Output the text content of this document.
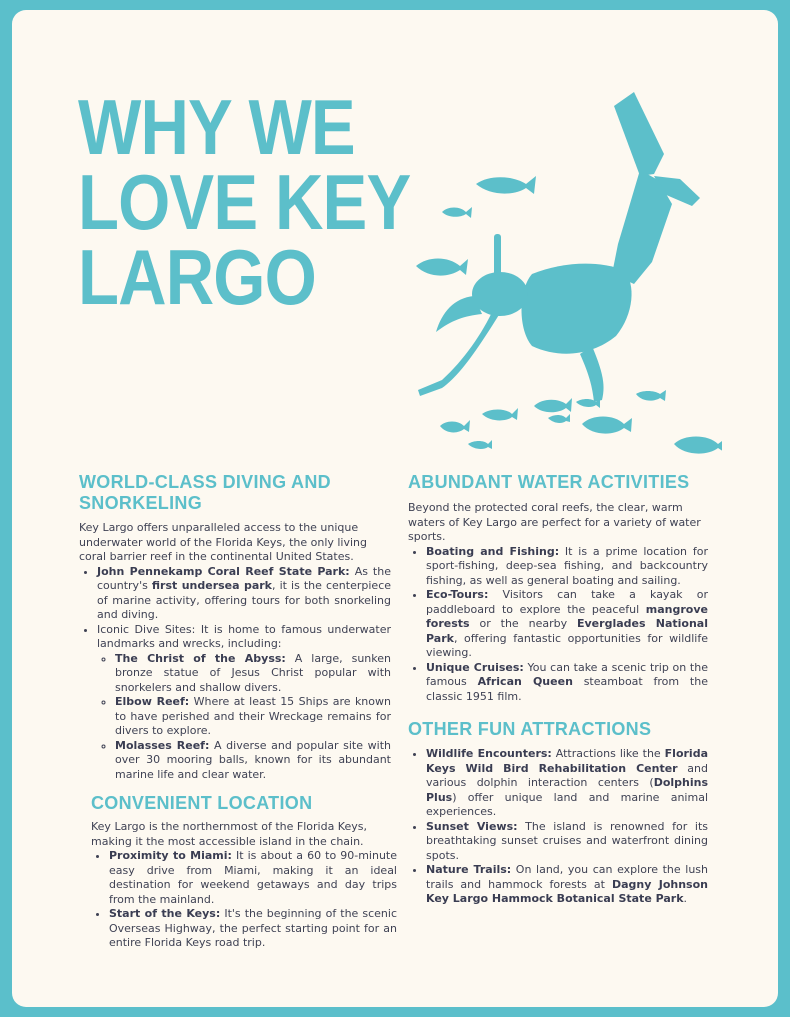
WHY WE
LOVE KEY
LARGO
WORLD-CLASS DIVING AND SNORKELING

Key Largo offers unparalleled access to the unique underwater world of the Florida Keys, the only living coral barrier reef in the continental United States.

• John Pennekamp Coral Reef State Park: As the country's first undersea park, it is the centerpiece of marine activity, offering tours for both snorkeling and diving.
• Iconic Dive Sites: It is home to famous underwater landmarks and wrecks, including:
◦ The Christ of the Abyss: A large, sunken bronze statue of Jesus Christ popular with snorkelers and shallow divers.
◦ Elbow Reef: Where at least 15 Ships are known to have perished and their Wreckage remains for divers to explore.
◦ Molasses Reef: A diverse and popular site with over 30 mooring balls, known for its abundant marine life and clear water.
CONVENIENT LOCATION

Key Largo is the northernmost of the Florida Keys, making it the most accessible island in the chain.

• Proximity to Miami: It is about a 60 to 90-minute easy drive from Miami, making it an ideal destination for weekend getaways and day trips from the mainland.
• Start of the Keys: It's the beginning of the scenic Overseas Highway, the perfect starting point for an entire Florida Keys road trip.
ABUNDANT WATER ACTIVITIES

Beyond the protected coral reefs, the clear, warm waters of Key Largo are perfect for a variety of water sports.

• Boating and Fishing: It is a prime location for sport-fishing, deep-sea fishing, and backcountry fishing, as well as general boating and sailing.
• Eco-Tours: Visitors can take a kayak or paddleboard to explore the peaceful mangrove forests or the nearby Everglades National Park, offering fantastic opportunities for wildlife viewing.
• Unique Cruises: You can take a scenic trip on the famous African Queen steamboat from the classic 1951 film.
OTHER FUN ATTRACTIONS
• Wildlife Encounters: Attractions like the Florida Keys Wild Bird Rehabilitation Center and various dolphin interaction centers (Dolphins Plus) offer unique land and marine animal experiences.
• Sunset Views: The island is renowned for its breathtaking sunset cruises and waterfront dining spots.
• Nature Trails: On land, you can explore the lush trails and hammock forests at Dagny Johnson Key Largo Hammock Botanical State Park.
